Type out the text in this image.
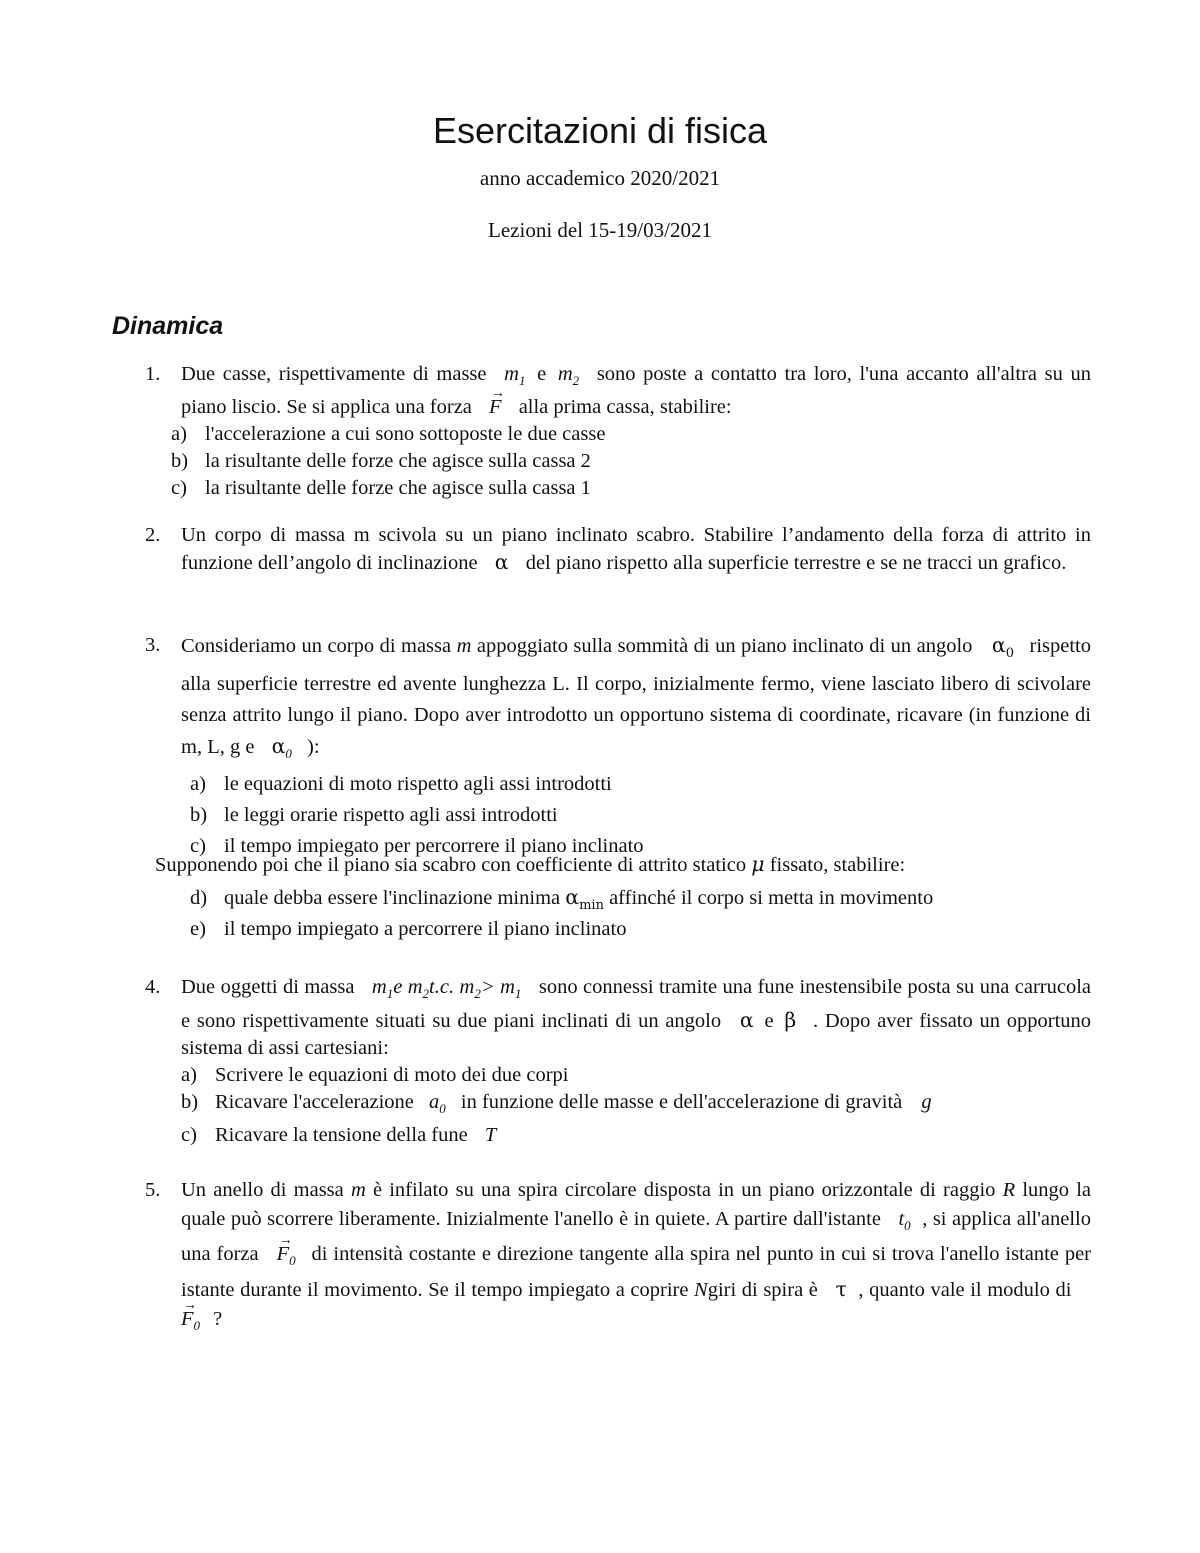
Esercitazioni di fisica
anno accademico 2020/2021
Lezioni del 15-19/03/2021
Dinamica
1.	Due casse, rispettivamente di masse $m_1$ e $m_2$ sono poste a contatto tra loro, l'una accanto all'altra su un piano liscio. Se si applica una forza → F alla prima cassa, stabilire:
a) l'accelerazione a cui sono sottoposte le due casse
b) la risultante delle forze che agisce sulla cassa 2
c) la risultante delle forze che agisce sulla cassa 1
2.	Un corpo di massa m scivola su un piano inclinato scabro. Stabilire l’andamento della forza di attrito in funzione dell’angolo di inclinazione α del piano rispetto alla superficie terrestre e se ne tracci un grafico.
3.	Consideriamo un corpo di massa m appoggiato sulla sommità di un piano inclinato di un angolo $\alpha_0$ rispetto alla superficie terrestre ed avente lunghezza L. Il corpo, inizialmente fermo, viene lasciato libero di scivolare senza attrito lungo il piano. Dopo aver introdotto un opportuno sistema di coordinate, ricavare (in funzione di m, L, g e $\alpha_0$ ):
a) le equazioni di moto rispetto agli assi introdotti
b) le leggi orarie rispetto agli assi introdotti
c) il tempo impiegato per percorrere il piano inclinato
Supponendo poi che il piano sia scabro con coefficiente di attrito statico μ fissato, stabilire:
d) quale debba essere l'inclinazione minima $\alpha_{min}$ affinché il corpo si metta in movimento
e) il tempo impiegato a percorrere il piano inclinato
4.	Due oggetti di massa $m_1e$ $m_2t.c$. $m_2> m_1$ sono connessi tramite una fune inestensibile posta su una carrucola e sono rispettivamente situati su due piani inclinati di un angolo α e β . Dopo aver fissato un opportuno sistema di assi cartesiani:
a) Scrivere le equazioni di moto dei due corpi
b) Ricavare l'accelerazione $a_0$ in funzione delle masse e dell'accelerazione di gravità g
c) Ricavare la tensione della fune T
5.	Un anello di massa m è infilato su una spira circolare disposta in un piano orizzontale di raggio R lungo la quale può scorrere liberamente. Inizialmente l'anello è in quiete. A partire dall'istante $t_0$ , si applica all'anello una forza → $F_0$ di intensità costante e direzione tangente alla spira nel punto in cui si trova l'anello istante per istante durante il movimento. Se il tempo impiegato a coprire Ngiri di spira è τ , quanto vale il modulo di → $F_0$ ?
